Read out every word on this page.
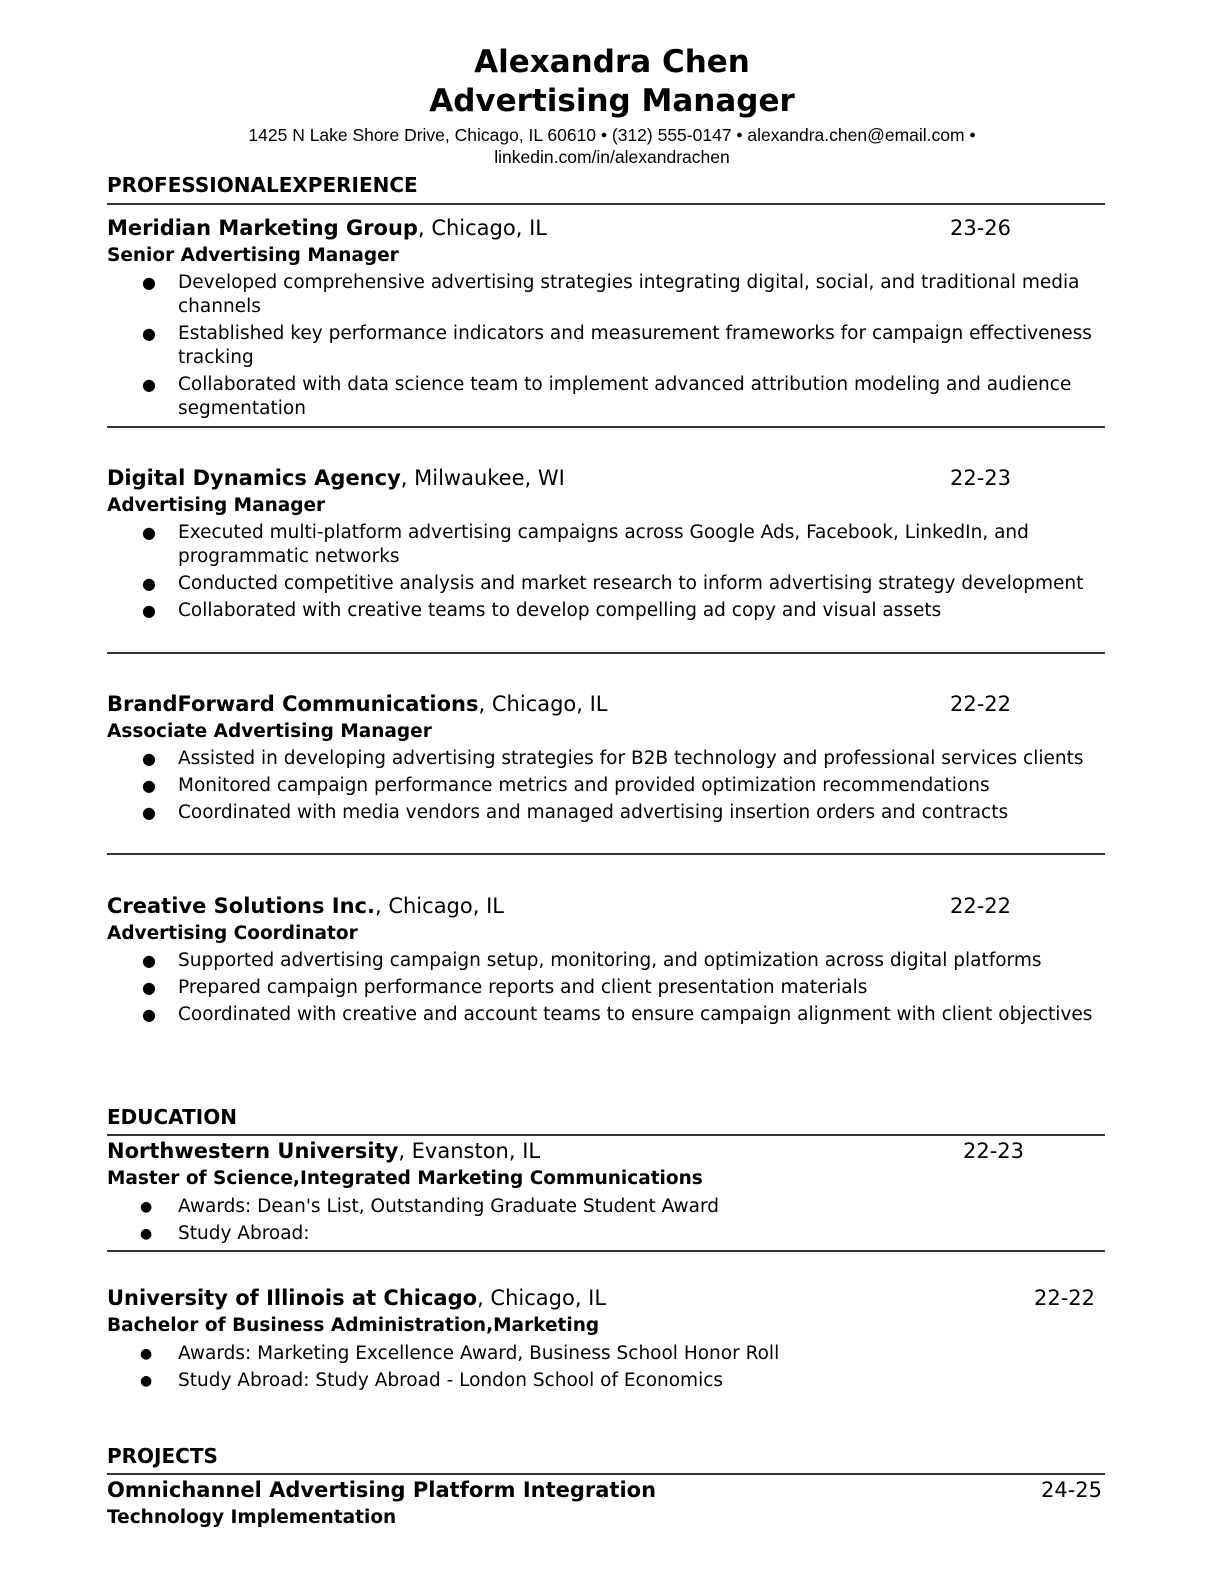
Alexandra Chen
Advertising Manager
1425 N Lake Shore Drive, Chicago, IL 60610 • (312) 555-0147 • alexandra.chen@email.com •
linkedin.com/in/alexandrachen
PROFESSIONALEXPERIENCE
Meridian Marketing Group, Chicago, IL	23-26
Senior Advertising Manager
● Developed comprehensive advertising strategies integrating digital, social, and traditional media channels
● Established key performance indicators and measurement frameworks for campaign effectiveness tracking
● Collaborated with data science team to implement advanced attribution modeling and audience segmentation
Digital Dynamics Agency, Milwaukee, WI	22-23
Advertising Manager
● Executed multi-platform advertising campaigns across Google Ads, Facebook, LinkedIn, and programmatic networks
● Conducted competitive analysis and market research to inform advertising strategy development
● Collaborated with creative teams to develop compelling ad copy and visual assets
BrandForward Communications, Chicago, IL	22-22
Associate Advertising Manager
● Assisted in developing advertising strategies for B2B technology and professional services clients
● Monitored campaign performance metrics and provided optimization recommendations
● Coordinated with media vendors and managed advertising insertion orders and contracts
Creative Solutions Inc., Chicago, IL	22-22
Advertising Coordinator
● Supported advertising campaign setup, monitoring, and optimization across digital platforms
● Prepared campaign performance reports and client presentation materials
● Coordinated with creative and account teams to ensure campaign alignment with client objectives
EDUCATION
Northwestern University, Evanston, IL	22-23
Master of Science,Integrated Marketing Communications
● Awards: Dean's List, Outstanding Graduate Student Award
● Study Abroad:
University of Illinois at Chicago, Chicago, IL	22-22
Bachelor of Business Administration,Marketing
● Awards: Marketing Excellence Award, Business School Honor Roll
● Study Abroad: Study Abroad - London School of Economics
PROJECTS
Omnichannel Advertising Platform Integration	24-25
Technology Implementation
